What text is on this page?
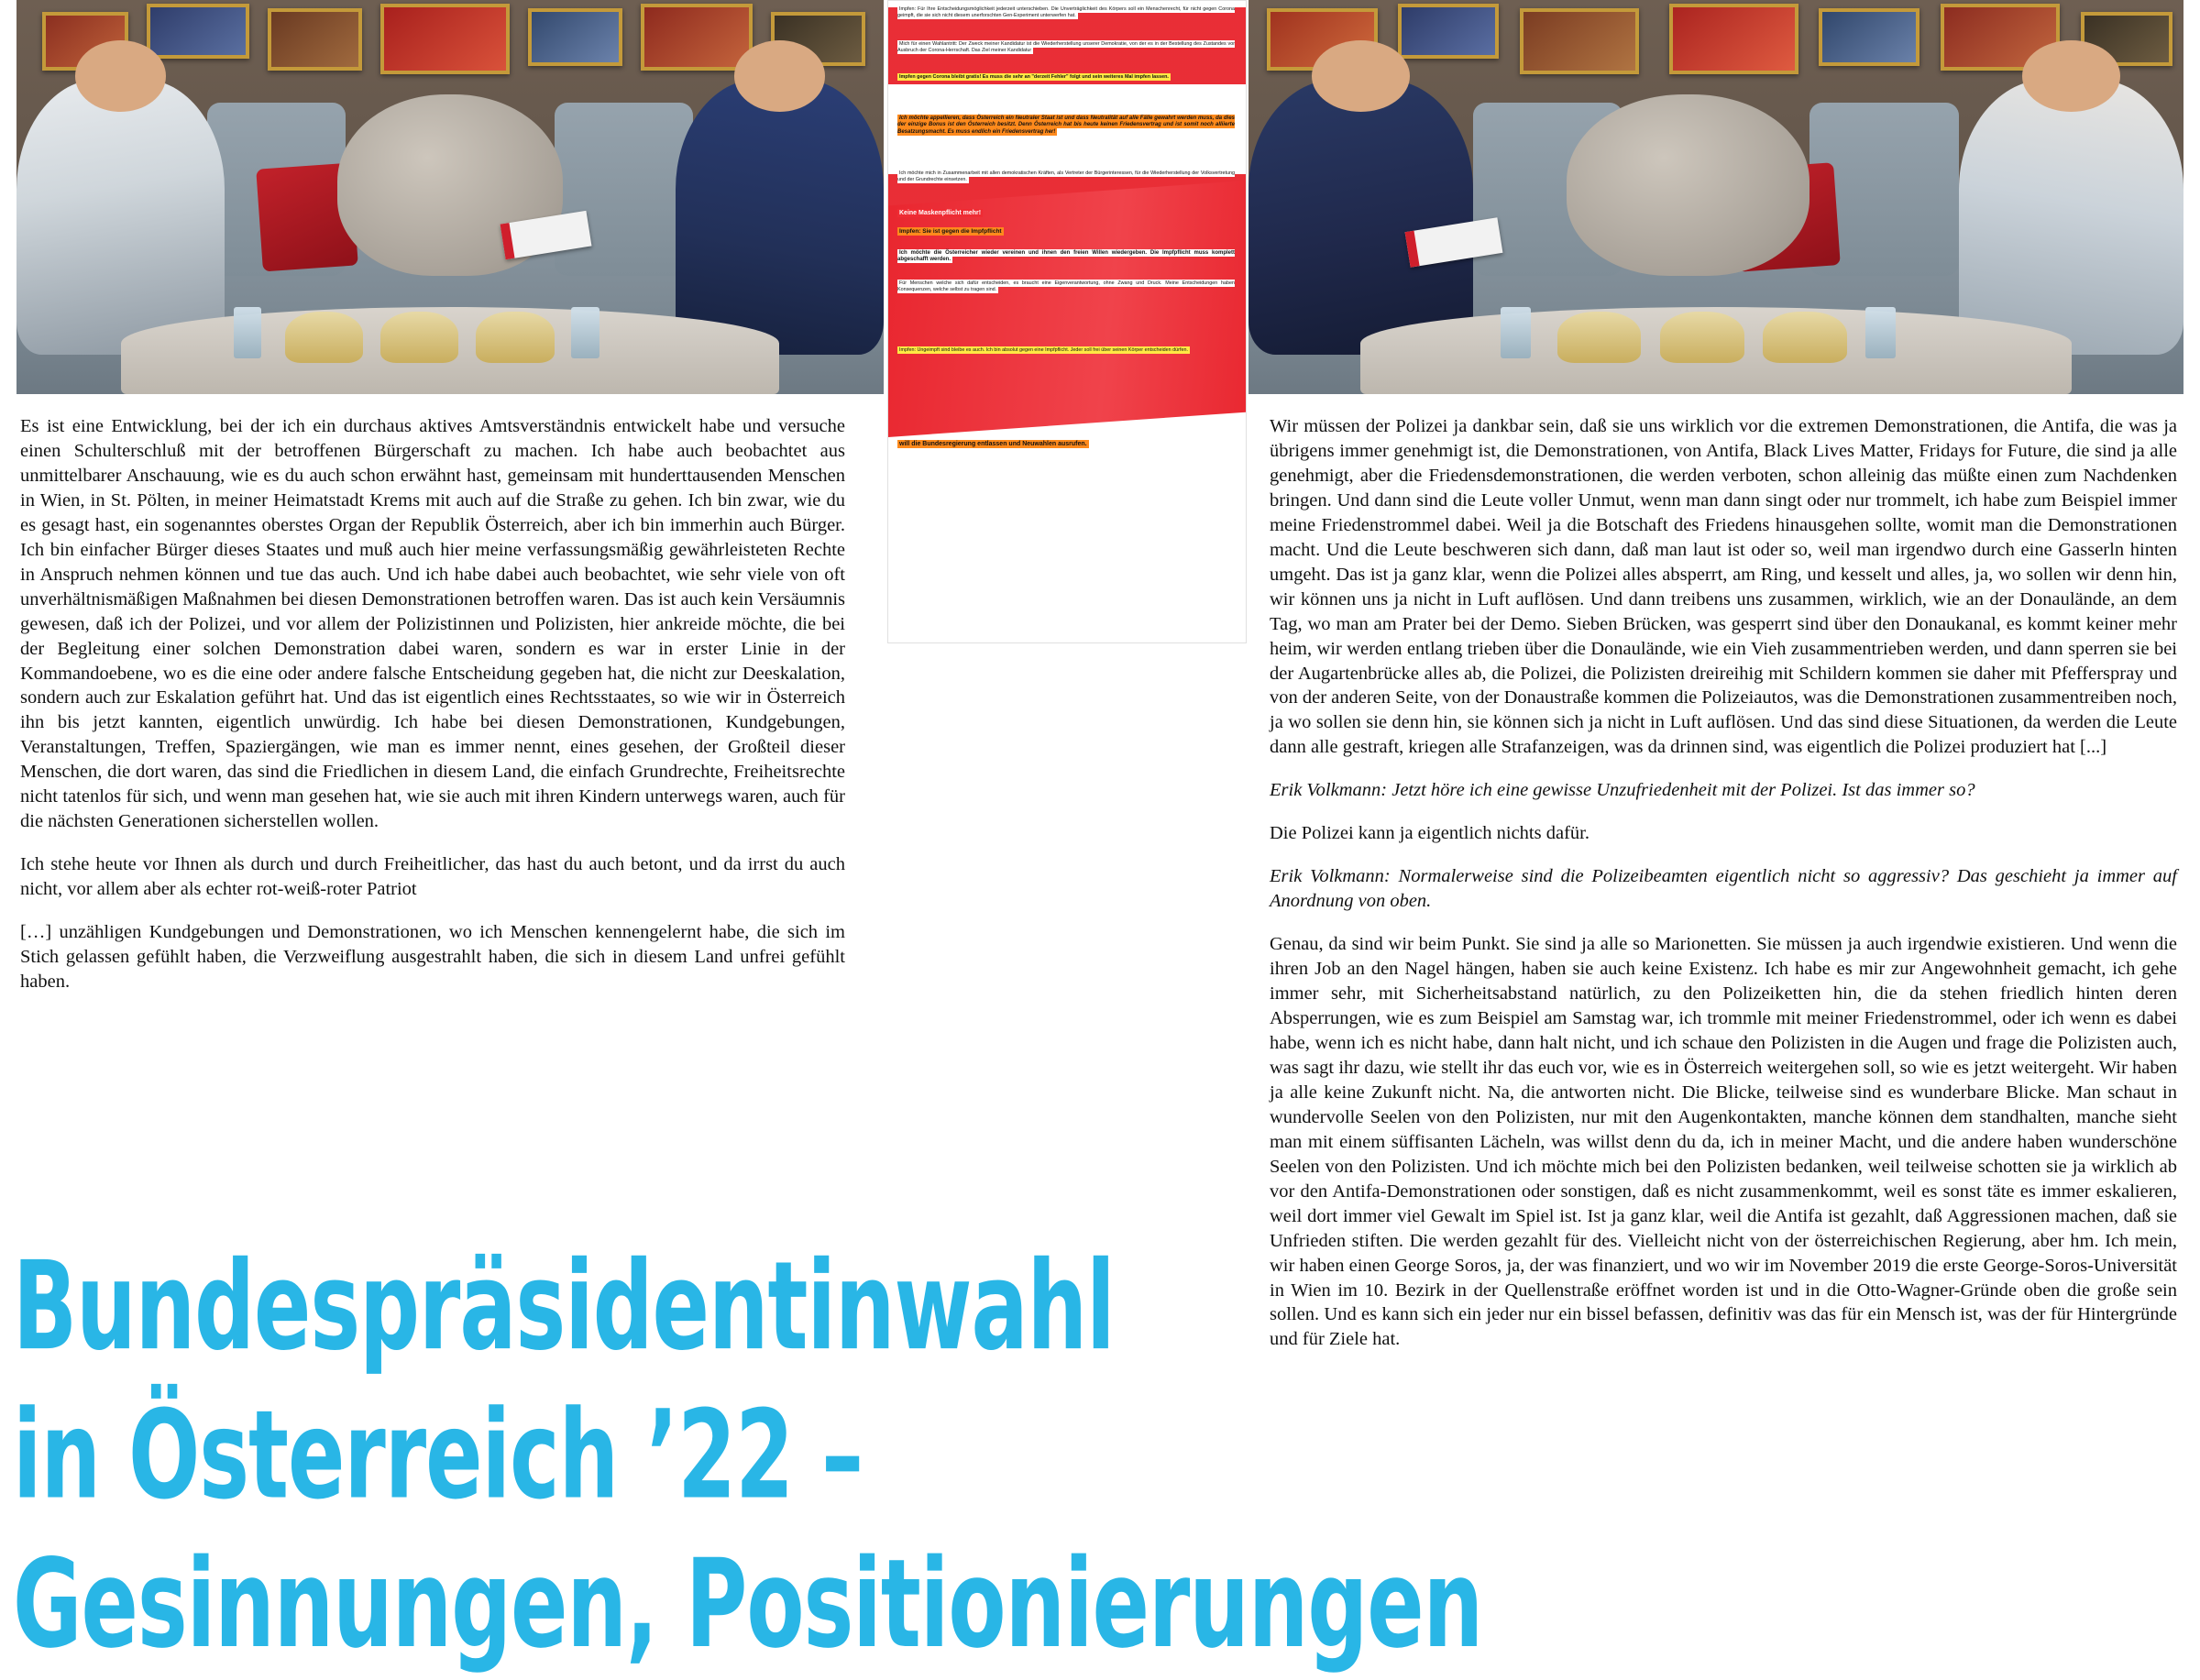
Impfen: Für Ihre Entscheidungsmöglichkeit jederzeit unterschieben. Die Unverträglichkeit des Körpers soll ein Menschenrecht, für nicht gegen Corona geimpft, die sie sich nicht diesem unerforschten Gen-Experiment unterwerfen hat.
Mich für einen Wahlantritt: Der Zweck meiner Kandidatur ist die Wiederherstellung unserer Demokratie, von der es in der Bestellung des Zustandes vor Ausbruch der Corona-Herrschaft. Das Ziel meiner Kandidatur
Impfen gegen Corona bleibt gratis! Es muss die sehr an "derzeit Fehler" folgt und sein weiteres Mal impfen lassen.
Ich möchte appellieren, dass Österreich ein Neutraler Staat ist und dass Neutralität auf alle Fälle gewahrt werden muss, da dies der einzige Bonus ist den Österreich besitzt. Denn Österreich hat bis heute keinen Friedensvertrag und ist somit noch alliierte Besatzungsmacht. Es muss endlich ein Friedensvertrag her!
Ich möchte mich in Zusammenarbeit mit allen demokratischen Kräften, als Vertreter der Bürgerinteressen, für die Wiederherstellung der Volksvertretung und der Grundrechte einsetzen.
Keine Maskenpflicht mehr!
Impfen: Sie ist gegen die Impfpflicht
Ich möchte die Österreicher wieder vereinen und ihnen den freien Willen wiedergeben. Die Impfpflicht muss komplett abgeschafft werden.
Für Menschen welche sich dafür entscheiden, es braucht eine Eigenverantwortung, ohne Zwang und Druck. Meine Entscheidungen haben Konsequenzen, welche selbst zu tragen sind.
Impfen: Ungeimpft sind bleibe es auch. Ich bin absolut gegen eine Impfpflicht. Jeder soll frei über seinen Körper entscheiden dürfen.
will die Bundesregierung entlassen und Neuwahlen ausrufen.

Es ist eine Entwicklung, bei der ich ein durchaus aktives Amtsverständnis entwickelt habe und versuche einen Schulterschluß mit der betroffenen Bürgerschaft zu machen. Ich habe auch beobachtet aus unmittelbarer Anschauung, wie es du auch schon erwähnt hast, gemeinsam mit hunderttausenden Menschen in Wien, in St. Pölten, in meiner Heimatstadt Krems mit auch auf die Straße zu gehen. Ich bin zwar, wie du es gesagt hast, ein sogenanntes oberstes Organ der Republik Österreich, aber ich bin immerhin auch Bürger. Ich bin einfacher Bürger dieses Staates und muß auch hier meine verfassungsmäßig gewährleisteten Rechte in Anspruch nehmen können und tue das auch. Und ich habe dabei auch beobachtet, wie sehr viele von oft unverhältnismäßigen Maßnahmen bei diesen Demonstrationen betroffen waren. Das ist auch kein Versäumnis gewesen, daß ich der Polizei, und vor allem der Polizistinnen und Polizisten, hier ankreide möchte, die bei der Begleitung einer solchen Demonstration dabei waren, sondern es war in erster Linie in der Kommandoebene, wo es die eine oder andere falsche Entscheidung gegeben hat, die nicht zur Deeskalation, sondern auch zur Eskalation geführt hat. Und das ist eigentlich eines Rechtsstaates, so wie wir in Österreich ihn bis jetzt kannten, eigentlich unwürdig. Ich habe bei diesen Demonstrationen, Kundgebungen, Veranstaltungen, Treffen, Spaziergängen, wie man es immer nennt, eines gesehen, der Großteil dieser Menschen, die dort waren, das sind die Friedlichen in diesem Land, die einfach Grundrechte, Freiheitsrechte nicht tatenlos für sich, und wenn man gesehen hat, wie sie auch mit ihren Kindern unterwegs waren, auch für die nächsten Generationen sicherstellen wollen.

Ich stehe heute vor Ihnen als durch und durch Freiheitlicher, das hast du auch betont, und da irrst du auch nicht, vor allem aber als echter rot-weiß-roter Patriot

[…] unzähligen Kundgebungen und Demonstrationen, wo ich Menschen kennengelernt habe, die sich im Stich gelassen gefühlt haben, die Verzweiflung ausgestrahlt haben, die sich in diesem Land unfrei gefühlt haben.

Wir müssen der Polizei ja dankbar sein, daß sie uns wirklich vor die extremen Demonstrationen, die Antifa, die was ja übrigens immer genehmigt ist, die Demonstrationen, von Antifa, Black Lives Matter, Fridays for Future, die sind ja alle genehmigt, aber die Friedensdemonstrationen, die werden verboten, schon alleinig das müßte einen zum Nachdenken bringen. Und dann sind die Leute voller Unmut, wenn man dann singt oder nur trommelt, ich habe zum Beispiel immer meine Friedenstrommel dabei. Weil ja die Botschaft des Friedens hinausgehen sollte, womit man die Demonstrationen macht. Und die Leute beschweren sich dann, daß man laut ist oder so, weil man irgendwo durch eine Gasserln hinten umgeht. Das ist ja ganz klar, wenn die Polizei alles absperrt, am Ring, und kesselt und alles, ja, wo sollen wir denn hin, wir können uns ja nicht in Luft auflösen. Und dann treibens uns zusammen, wirklich, wie an der Donaulände, an dem Tag, wo man am Prater bei der Demo. Sieben Brücken, was gesperrt sind über den Donaukanal, es kommt keiner mehr heim, wir werden entlang trieben über die Donaulände, wie ein Vieh zusammentrieben werden, und dann sperren sie bei der Augartenbrücke alles ab, die Polizei, die Polizisten dreireihig mit Schildern kommen sie daher mit Pfefferspray und von der anderen Seite, von der Donaustraße kommen die Polizeiautos, was die Demonstrationen zusammentreiben noch, ja wo sollen sie denn hin, sie können sich ja nicht in Luft auflösen. Und das sind diese Situationen, da werden die Leute dann alle gestraft, kriegen alle Strafanzeigen, was da drinnen sind, was eigentlich die Polizei produziert hat [...]

Erik Volkmann: Jetzt höre ich eine gewisse Unzufriedenheit mit der Polizei. Ist das immer so?

Die Polizei kann ja eigentlich nichts dafür.

Erik Volkmann: Normalerweise sind die Polizeibeamten eigentlich nicht so aggressiv? Das geschieht ja immer auf Anordnung von oben.

Genau, da sind wir beim Punkt. Sie sind ja alle so Marionetten. Sie müssen ja auch irgendwie existieren. Und wenn die ihren Job an den Nagel hängen, haben sie auch keine Existenz. Ich habe es mir zur Angewohnheit gemacht, ich gehe immer sehr, mit Sicherheitsabstand natürlich, zu den Polizeiketten hin, die da stehen friedlich hinten deren Absperrungen, wie es zum Beispiel am Samstag war, ich trommle mit meiner Friedenstrommel, oder ich wenn es dabei habe, wenn ich es nicht habe, dann halt nicht, und ich schaue den Polizisten in die Augen und frage die Polizisten auch, was sagt ihr dazu, wie stellt ihr das euch vor, wie es in Österreich weitergehen soll, so wie es jetzt weitergeht. Wir haben ja alle keine Zukunft nicht. Na, die antworten nicht. Die Blicke, teilweise sind es wunderbare Blicke. Man schaut in wundervolle Seelen von den Polizisten, nur mit den Augenkontakten, manche können dem standhalten, manche sieht man mit einem süffisanten Lächeln, was willst denn du da, ich in meiner Macht, und die andere haben wunderschöne Seelen von den Polizisten. Und ich möchte mich bei den Polizisten bedanken, weil teilweise schotten sie ja wirklich ab vor den Antifa-Demonstrationen oder sonstigen, daß es nicht zusammenkommt, weil es sonst täte es immer eskalieren, weil dort immer viel Gewalt im Spiel ist. Ist ja ganz klar, weil die Antifa ist gezahlt, daß Aggressionen machen, daß sie Unfrieden stiften. Die werden gezahlt für des. Vielleicht nicht von der österreichischen Regierung, aber hm. Ich mein, wir haben einen George Soros, ja, der was finanziert, und wo wir im November 2019 die erste George-Soros-Universität in Wien im 10. Bezirk in der Quellenstraße eröffnet worden ist und in die Otto-Wagner-Gründe oben die große sein sollen. Und es kann sich ein jeder nur ein bissel befassen, definitiv was das für ein Mensch ist, was der für Hintergründe und für Ziele hat.

Bundespräsidentinwahl
in Österreich ’22 –
Gesinnungen, Positionierungen
